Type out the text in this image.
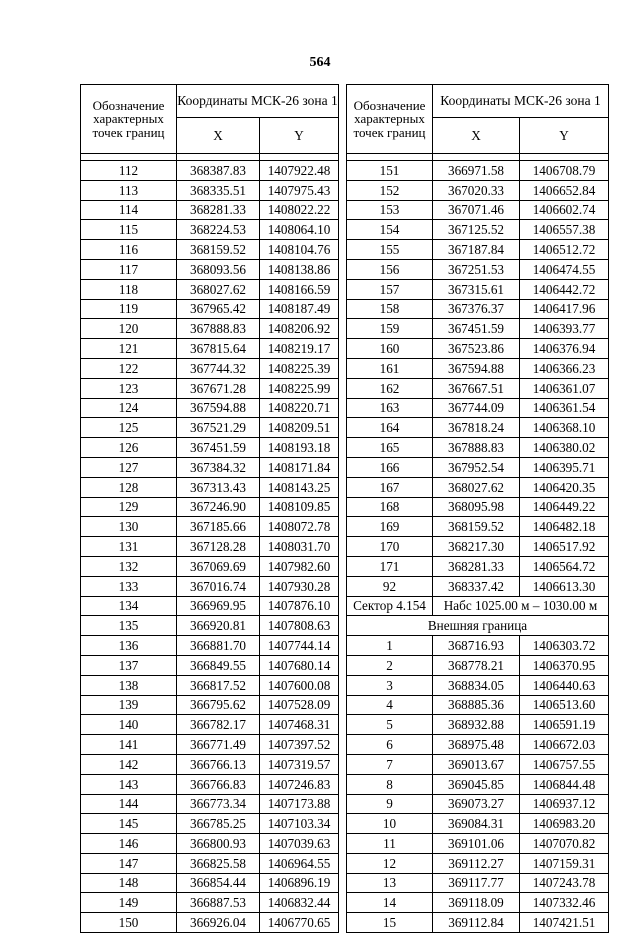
564
Обозначение характерных точек границ	Координаты МСК-26 зона 1	
	X	Y

112	368387.83	1407922.48
113	368335.51	1407975.43
114	368281.33	1408022.22
115	368224.53	1408064.10
116	368159.52	1408104.76
117	368093.56	1408138.86
118	368027.62	1408166.59
119	367965.42	1408187.49
120	367888.83	1408206.92
121	367815.64	1408219.17
122	367744.32	1408225.39
123	367671.28	1408225.99
124	367594.88	1408220.71
125	367521.29	1408209.51
126	367451.59	1408193.18
127	367384.32	1408171.84
128	367313.43	1408143.25
129	367246.90	1408109.85
130	367185.66	1408072.78
131	367128.28	1408031.70
132	367069.69	1407982.60
133	367016.74	1407930.28
134	366969.95	1407876.10
135	366920.81	1407808.63
136	366881.70	1407744.14
137	366849.55	1407680.14
138	366817.52	1407600.08
139	366795.62	1407528.09
140	366782.17	1407468.31
141	366771.49	1407397.52
142	366766.13	1407319.57
143	366766.83	1407246.83
144	366773.34	1407173.88
145	366785.25	1407103.34
146	366800.93	1407039.63
147	366825.58	1406964.55
148	366854.44	1406896.19
149	366887.53	1406832.44
150	366926.04	1406770.65
Обозначение характерных точек границ	Координаты МСК-26 зона 1	
	X	Y

151	366971.58	1406708.79
152	367020.33	1406652.84
153	367071.46	1406602.74
154	367125.52	1406557.38
155	367187.84	1406512.72
156	367251.53	1406474.55
157	367315.61	1406442.72
158	367376.37	1406417.96
159	367451.59	1406393.77
160	367523.86	1406376.94
161	367594.88	1406366.23
162	367667.51	1406361.07
163	367744.09	1406361.54
164	367818.24	1406368.10
165	367888.83	1406380.02
166	367952.54	1406395.71
167	368027.62	1406420.35
168	368095.98	1406449.22
169	368159.52	1406482.18
170	368217.30	1406517.92
171	368281.33	1406564.72
92	368337.42	1406613.30
Сектор 4.154	Набс 1025.00 м – 1030.00 м	
Внешняя граница		
1	368716.93	1406303.72
2	368778.21	1406370.95
3	368834.05	1406440.63
4	368885.36	1406513.60
5	368932.88	1406591.19
6	368975.48	1406672.03
7	369013.67	1406757.55
8	369045.85	1406844.48
9	369073.27	1406937.12
10	369084.31	1406983.20
11	369101.06	1407070.82
12	369112.27	1407159.31
13	369117.77	1407243.78
14	369118.09	1407332.46
15	369112.84	1407421.51
